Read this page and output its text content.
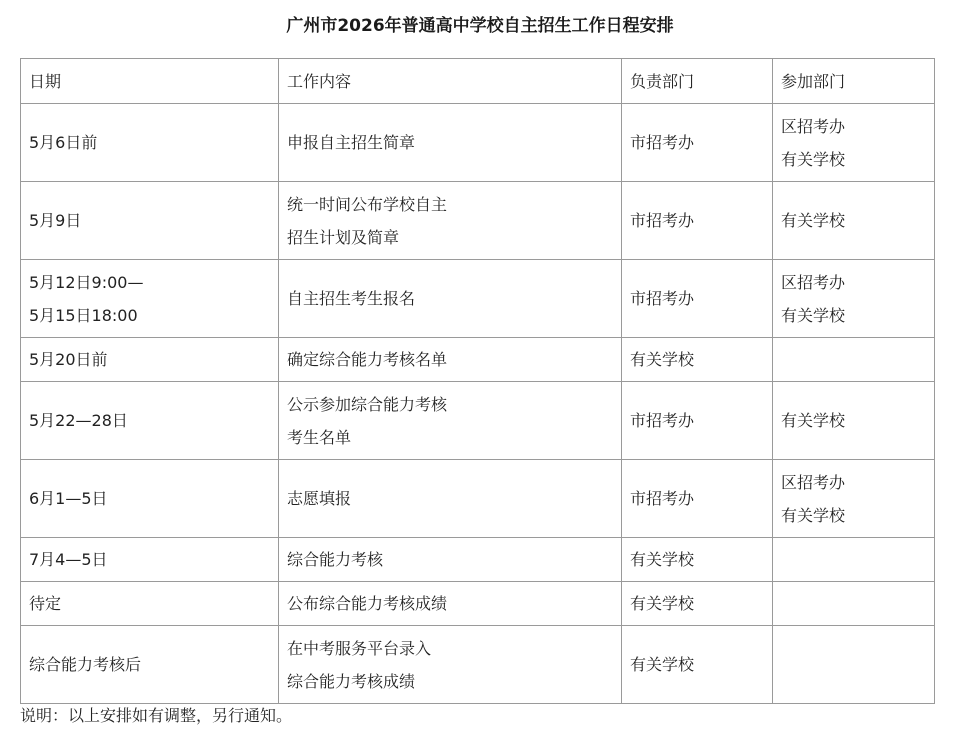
广州市2026年普通高中学校自主招生工作日程安排
日期	工作内容	负责部门	参加部门

5月6日前	申报自主招生简章	市招考办	区招考办
有关学校

5月9日	统一时间公布学校自主
招生计划及简章	市招考办	有关学校

5月12日9:00—
5月15日18:00	自主招生考生报名	市招考办	区招考办
有关学校

5月20日前	确定综合能力考核名单	有关学校	

5月22—28日	公示参加综合能力考核
考生名单	市招考办	有关学校

6月1—5日	志愿填报	市招考办	区招考办
有关学校

7月4—5日	综合能力考核	有关学校	

待定	公布综合能力考核成绩	有关学校	

综合能力考核后	在中考服务平台录入
综合能力考核成绩	有关学校	

说明：以上安排如有调整，另行通知。
